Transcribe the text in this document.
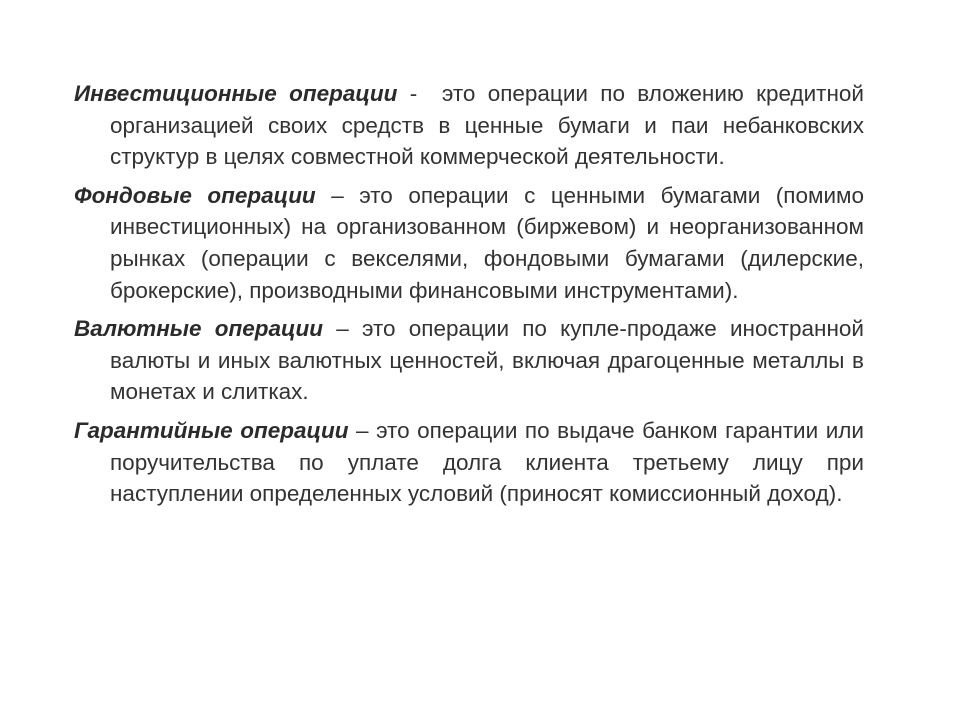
Инвестиционные операции -  это операции по вложению кредитной организацией своих средств в ценные бумаги и паи небанковских структур в целях совместной коммерческой деятельности.

Фондовые операции – это операции с ценными бумагами (помимо инвестиционных) на организованном (биржевом) и неорганизованном рынках (операции с векселями, фондовыми бумагами (дилерские, брокерские), производными финансовыми инструментами).

Валютные операции – это операции по купле-продаже иностранной валюты и иных валютных ценностей, включая драгоценные металлы в монетах и слитках.

Гарантийные операции – это операции по выдаче банком гарантии или поручительства по уплате долга клиента третьему лицу при наступлении определенных условий (приносят комиссионный доход).
